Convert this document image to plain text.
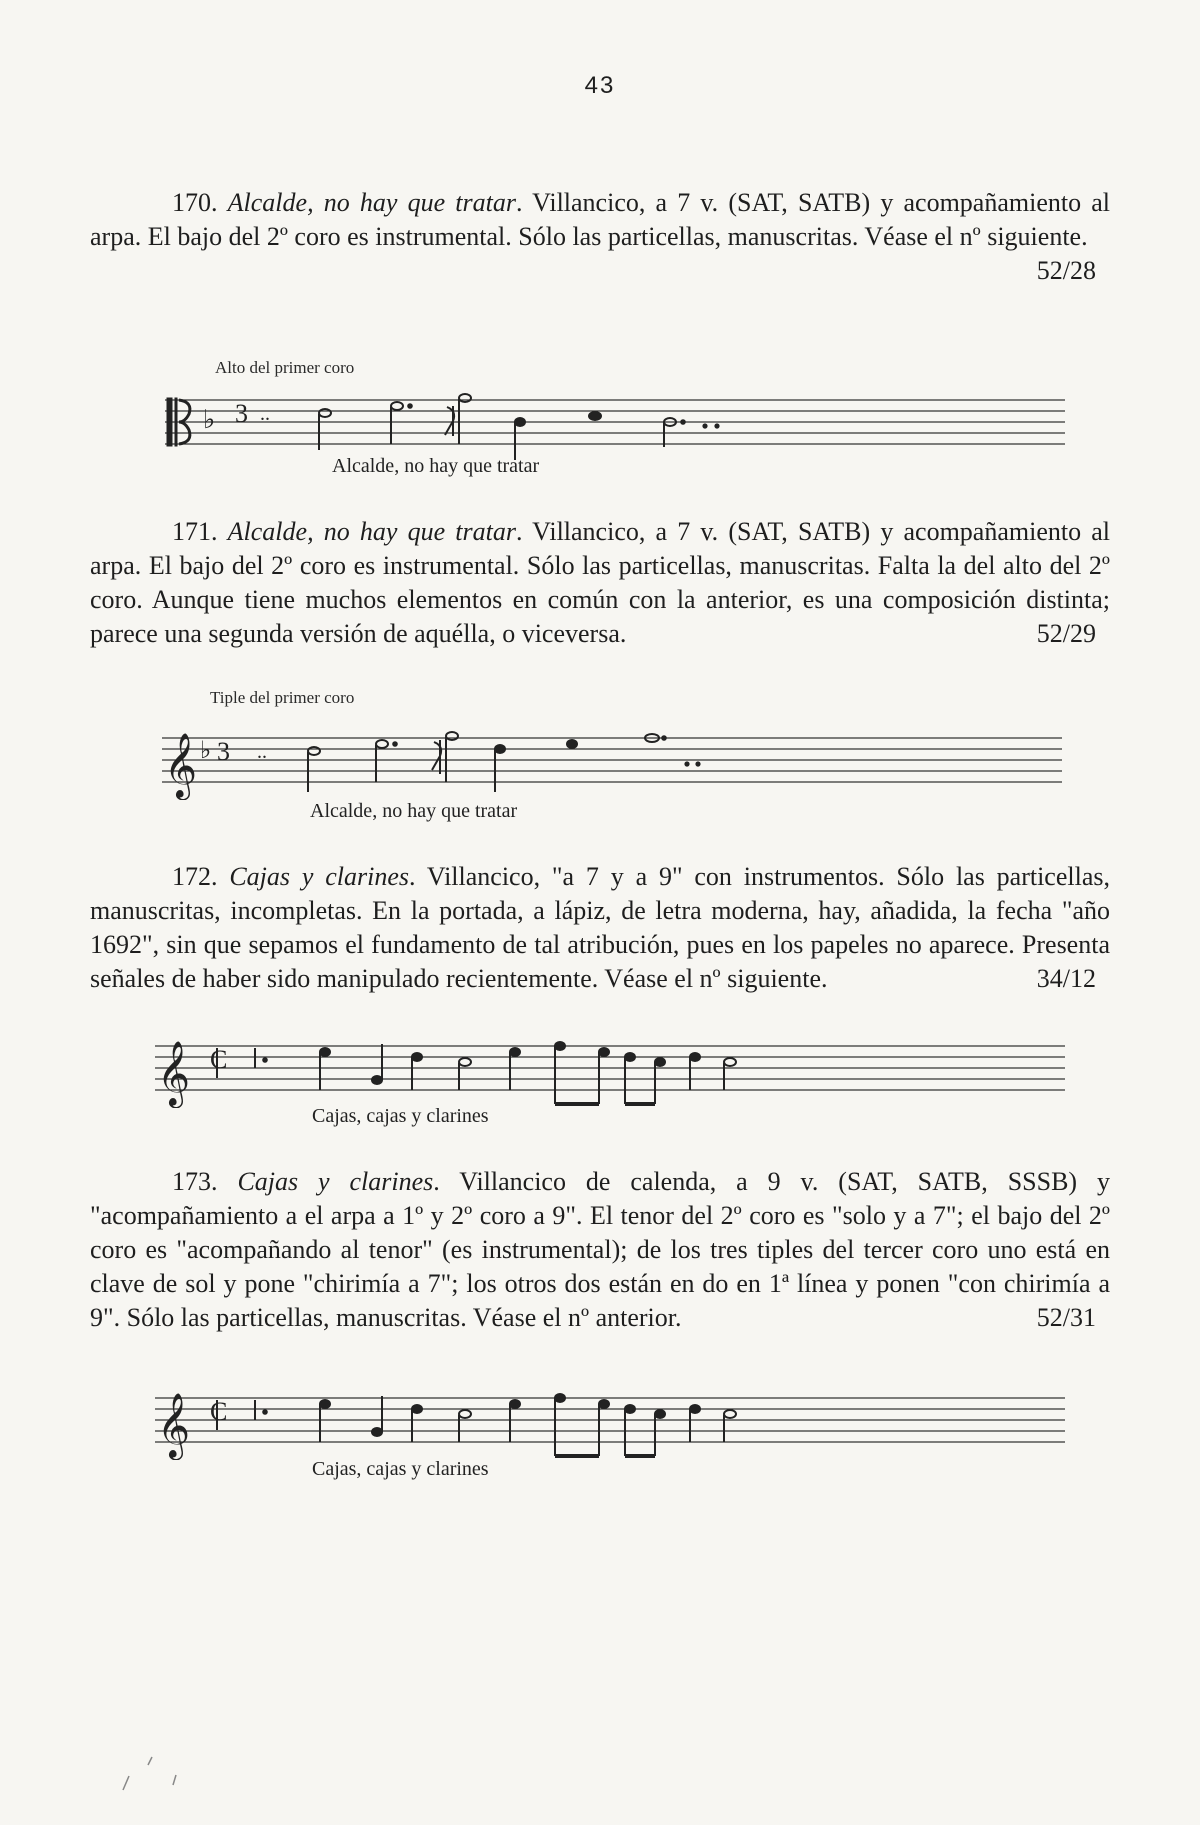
43
170. Alcalde, no hay que tratar. Villancico, a 7 v. (SAT, SATB) y acompañamiento al arpa. El bajo del 2º coro es instrumental. Sólo las particellas, manuscritas. Véase el nº siguiente.
52/28
Alto del primer coro
♭ 3 ..
Alcalde, no hay que tratar
171. Alcalde, no hay que tratar. Villancico, a 7 v. (SAT, SATB) y acompañamiento al arpa. El bajo del 2º coro es instrumental. Sólo las particellas, manuscritas. Falta la del alto del 2º coro. Aunque tiene muchos elementos en común con la anterior, es una composición distinta; parece una segunda versión de aquélla, o viceversa.	52/29
Tiple del primer coro
𝄞 ♭ 3 ..
Alcalde, no hay que tratar
172. Cajas y clarines. Villancico, "a 7 y a 9" con instrumentos. Sólo las particellas, manuscritas, incompletas. En la portada, a lápiz, de letra moderna, hay, añadida, la fecha "año 1692", sin que sepamos el fundamento de tal atribución, pues en los papeles no aparece. Presenta señales de haber sido manipulado recientemente. Véase el nº siguiente.	34/12
𝄞 C
Cajas, cajas y clarines
173. Cajas y clarines. Villancico de calenda, a 9 v. (SAT, SATB, SSSB) y "acompañamiento a el arpa a 1º y 2º coro a 9". El tenor del 2º coro es "solo y a 7"; el bajo del 2º coro es "acompañando al tenor" (es instrumental); de los tres tiples del tercer coro uno está en clave de sol y pone "chirimía a 7"; los otros dos están en do en 1ª línea y ponen "con chirimía a 9". Sólo las particellas, manuscritas. Véase el nº anterior.	52/31
𝄞 C
Cajas, cajas y clarines
